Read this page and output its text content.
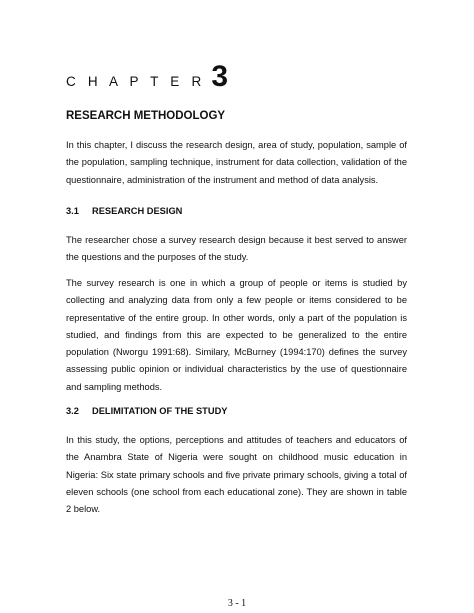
C H A P T E R 3
RESEARCH METHODOLOGY

In this chapter, I discuss the research design, area of study, population, sample of the population, sampling technique, instrument for data collection, validation of the questionnaire, administration of the instrument and method of data analysis.

3.1 RESEARCH DESIGN

The researcher chose a survey research design because it best served to answer the questions and the purposes of the study.

The survey research is one in which a group of people or items is studied by collecting and analyzing data from only a few people or items considered to be representative of the entire group. In other words, only a part of the population is studied, and findings from this are expected to be generalized to the entire population (Nworgu 1991:68). Similary, McBurney (1994:170) defines the survey assessing public opinion or individual characteristics by the use of questionnaire and sampling methods.

3.2 DELIMITATION OF THE STUDY

In this study, the options, perceptions and attitudes of teachers and educators of the Anambra State of Nigeria were sought on childhood music education in Nigeria: Six state primary schools and five private primary schools, giving a total of eleven schools (one school from each educational zone). They are shown in table 2 below.

3 - 1
